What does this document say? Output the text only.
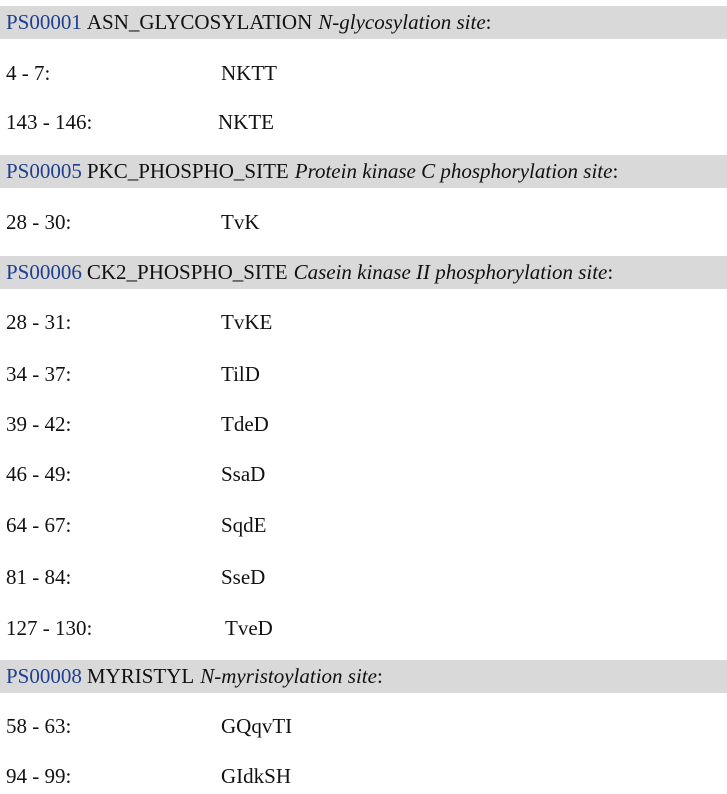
PS00001 ASN_GLYCOSYLATION N-glycosylation site :
4 - 7:	NKTT
143 - 146:	NKTE
PS00005 PKC_PHOSPHO_SITE Protein kinase C phosphorylation site :
28 - 30:	TvK
PS00006 CK2_PHOSPHO_SITE Casein kinase II phosphorylation site :
28 - 31:	TvKE
34 - 37:	TilD
39 - 42:	TdeD
46 - 49:	SsaD
64 - 67:	SqdE
81 - 84:	SseD
127 - 130:	TveD
PS00008 MYRISTYL N-myristoylation site :
58 - 63:	GQqvTI
94 - 99:	GIdkSH
